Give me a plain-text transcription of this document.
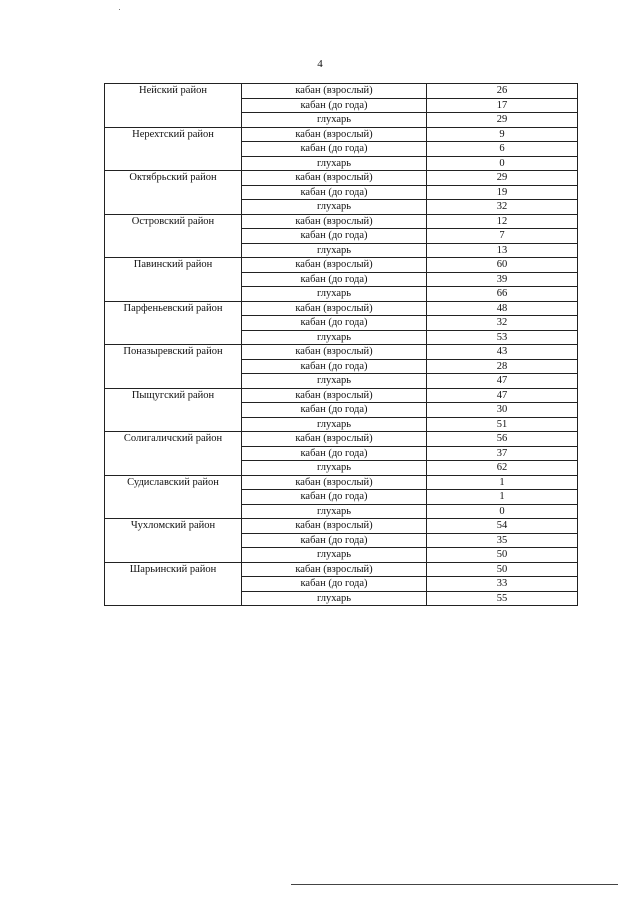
4
Нейский район	кабан (взрослый)	26
	кабан (до года)	17
	глухарь	29
Нерехтский район	кабан (взрослый)	9
	кабан (до года)	6
	глухарь	0
Октябрьский район	кабан (взрослый)	29
	кабан (до года)	19
	глухарь	32
Островский район	кабан (взрослый)	12
	кабан (до года)	7
	глухарь	13
Павинский район	кабан (взрослый)	60
	кабан (до года)	39
	глухарь	66
Парфеньевский район	кабан (взрослый)	48
	кабан (до года)	32
	глухарь	53
Поназыревский район	кабан (взрослый)	43
	кабан (до года)	28
	глухарь	47
Пыщугский район	кабан (взрослый)	47
	кабан (до года)	30
	глухарь	51
Солигаличский район	кабан (взрослый)	56
	кабан (до года)	37
	глухарь	62
Судиславский район	кабан (взрослый)	1
	кабан (до года)	1
	глухарь	0
Чухломский район	кабан (взрослый)	54
	кабан (до года)	35
	глухарь	50
Шарьинский район	кабан (взрослый)	50
	кабан (до года)	33
	глухарь	55
